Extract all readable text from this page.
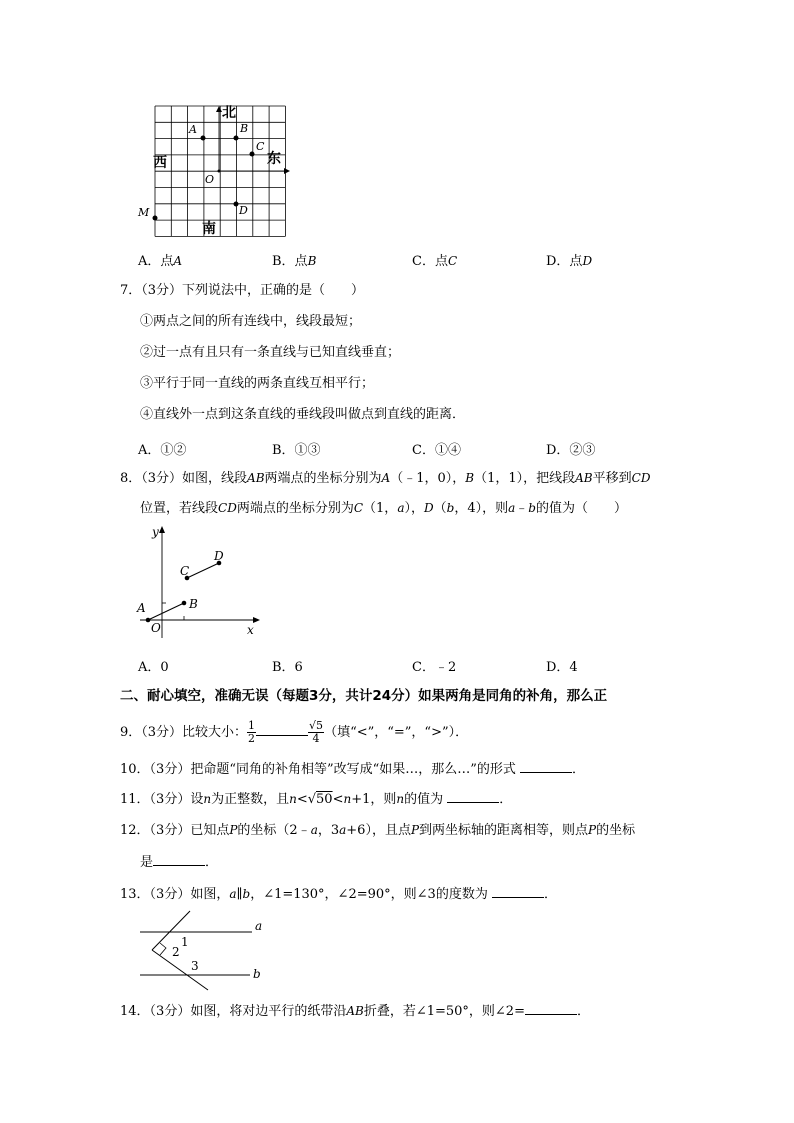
北
南
东
西
A	B
C
O
D
M
A．点A	B．点B	C．点C	D．点D
7．（3分）下列说法中，正确的是（　　）
①两点之间的所有连线中，线段最短；
②过一点有且只有一条直线与已知直线垂直；
③平行于同一直线的两条直线互相平行；
④直线外一点到这条直线的垂线段叫做点到直线的距离．
A．①②	B．①③	C．①④	D．②③
8．（3分）如图，线段AB两端点的坐标分别为A（﹣1，0），B（1，1），把线段AB平移到CD
位置，若线段CD两端点的坐标分别为C（1，a），D（b，4），则a﹣b的值为（　　）
y
x
A	B
C
D
O
A．0	B．6	C．﹣2	D．4
二、耐心填空，准确无误（每题3分，共计24分）如果两角是同角的补角，那么正
9．（3分）比较大小： $\frac{1}{2}$	$\frac{√5}{4}$ （填“<”，“=”，“>”）．
10．（3分）把命题“同角的补角相等”改写成“如果…，那么…”的形式	．
11．（3分）设n为正整数，且n<√50<n+1，则n的值为	．
12．（3分）已知点P的坐标（2﹣a，3a+6），且点P到两坐标轴的距离相等，则点P的坐标
是	．
13．（3分）如图，a∥b，∠1=130°，∠2=90°，则∠3的度数为	．
a
b
1
2
3
14．（3分）如图，将对边平行的纸带沿AB折叠，若∠1=50°，则∠2=	．
